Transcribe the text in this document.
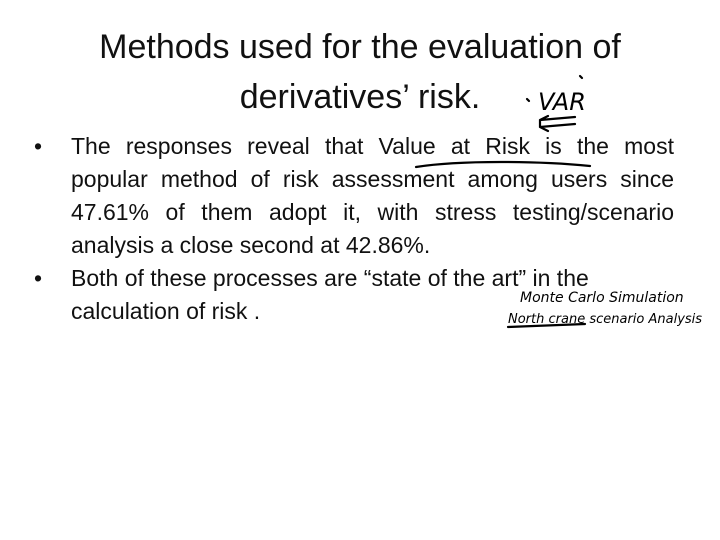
Methods used for the evaluation of
derivatives’ risk.
•	The responses reveal that Value at Risk is the most popular method of risk assessment among users since 47.61% of them adopt it, with stress testing/scenario analysis a close second at 42.86%.
•	Both of these processes are “state of the art” in the calculation of risk .
VAR
Monte Carlo Simulation
North crane scenario Analysis
